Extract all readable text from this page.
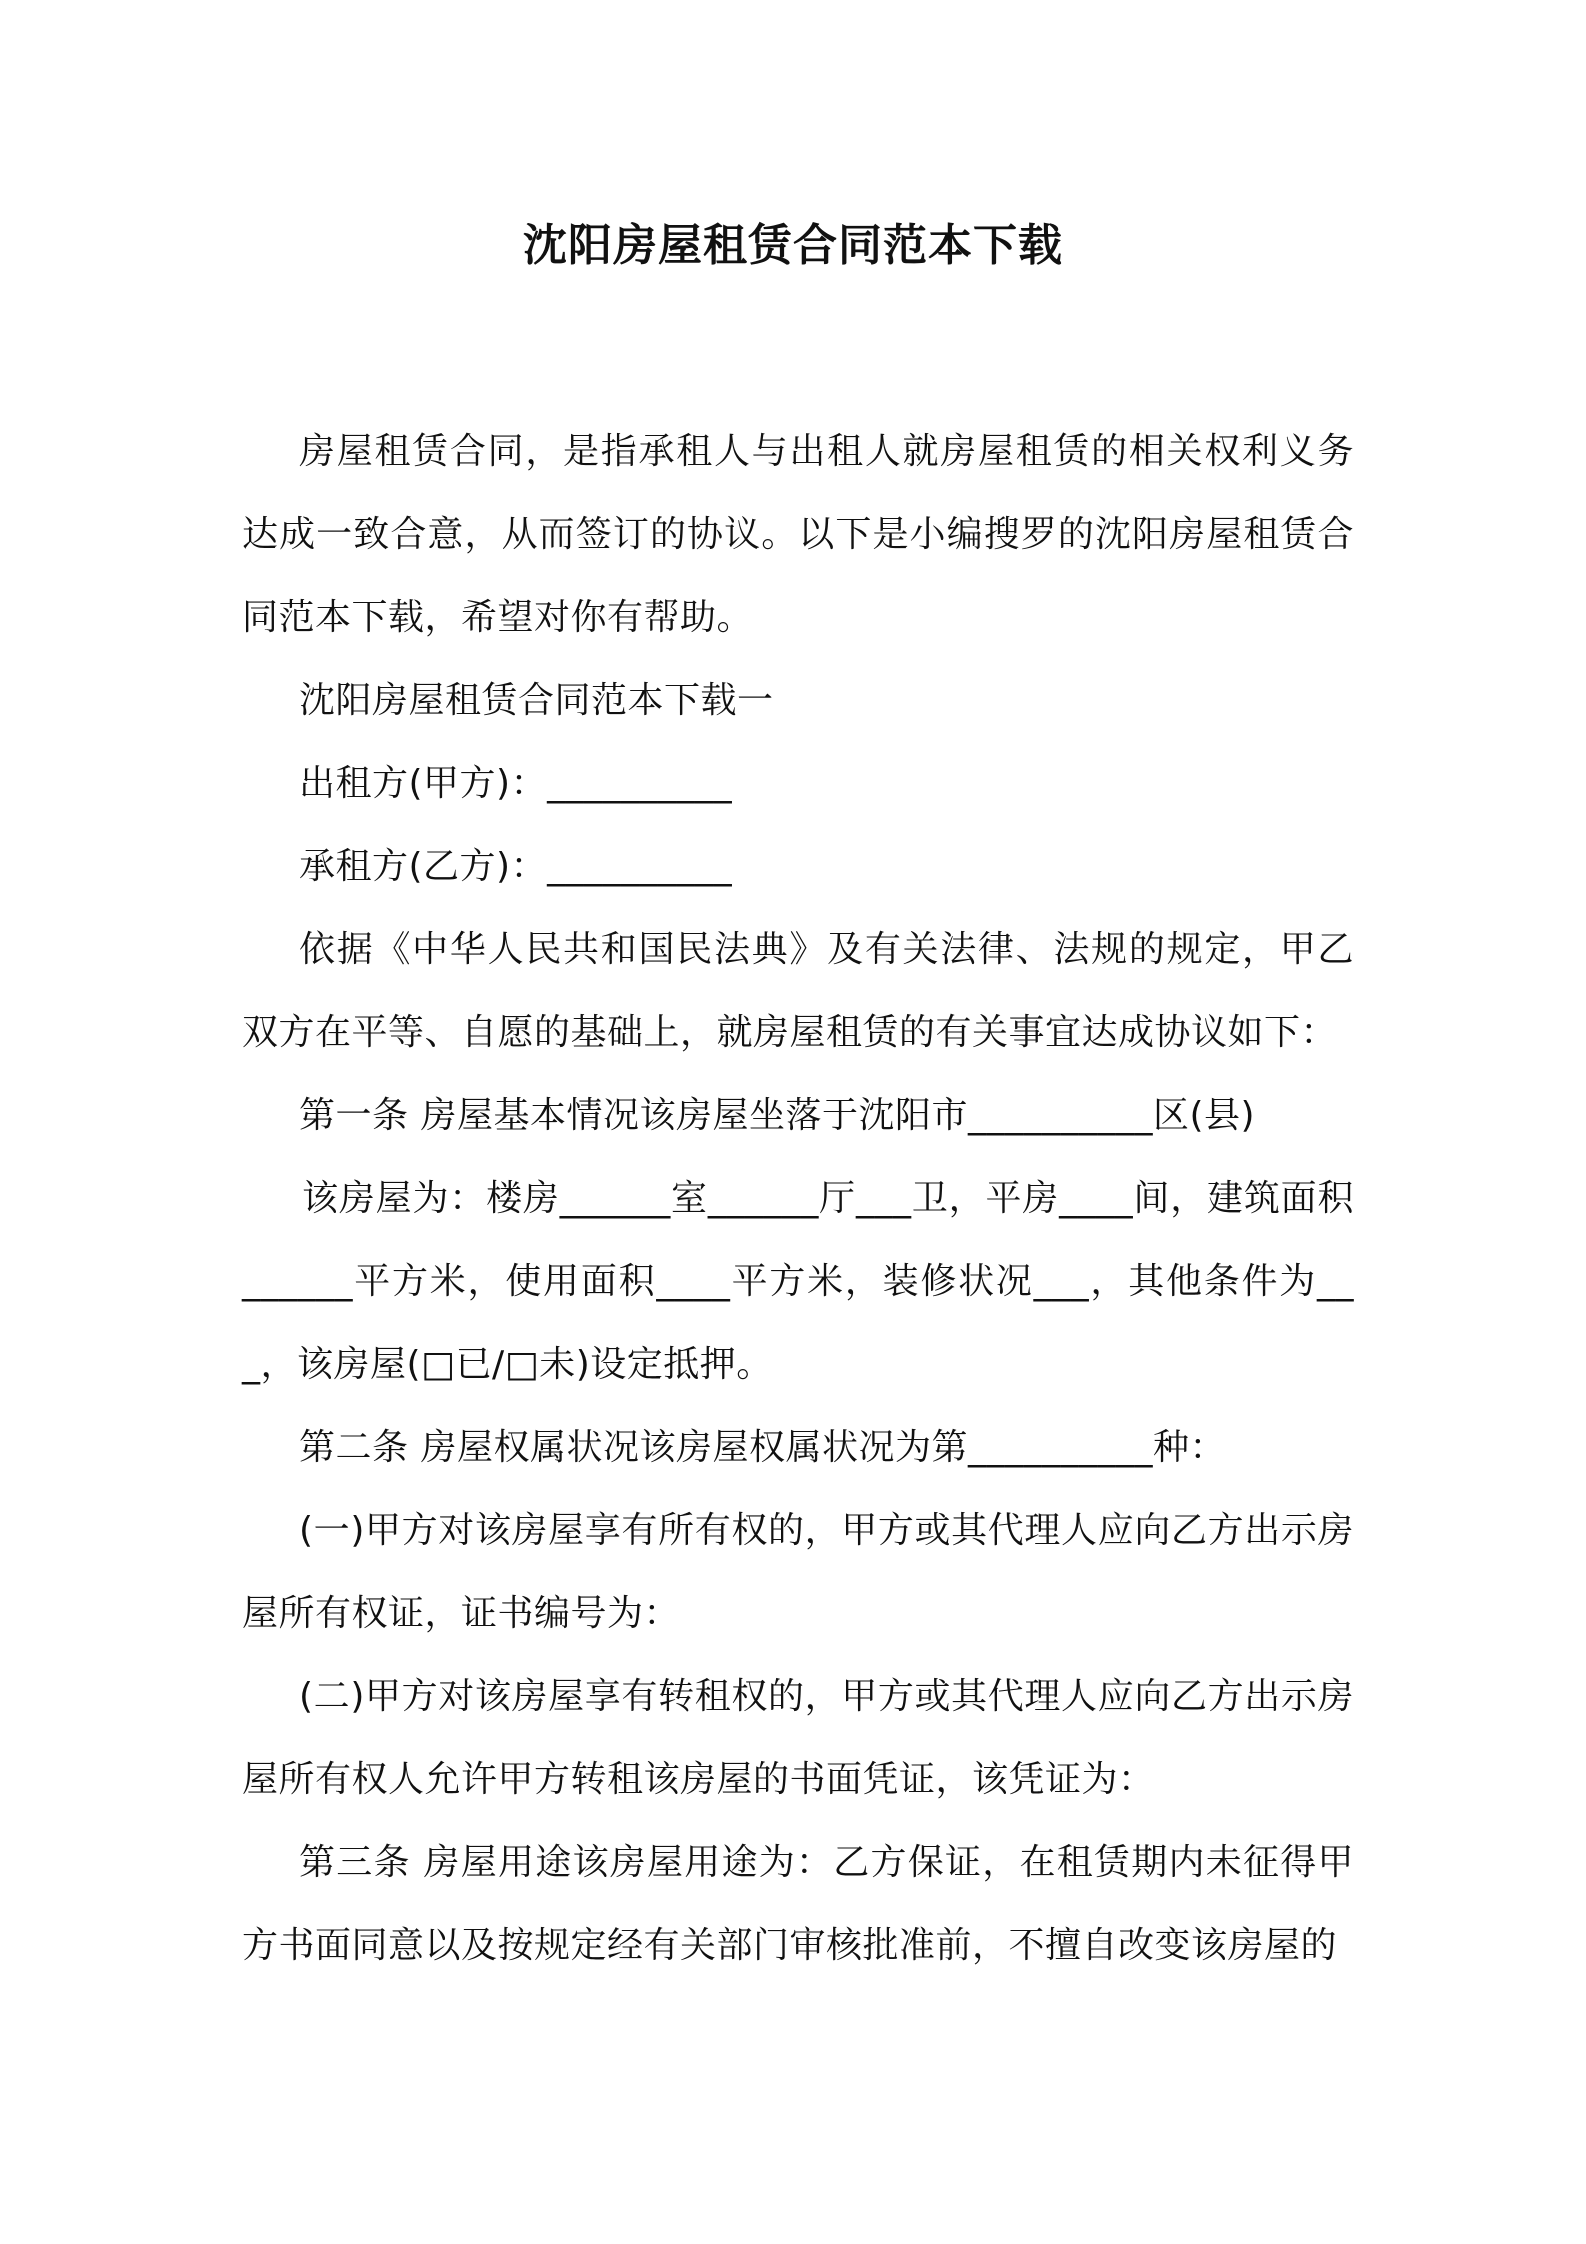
沈阳房屋租赁合同范本下载

房屋租赁合同，是指承租人与出租人就房屋租赁的相关权利义务达成一致合意，从而签订的协议。以下是小编搜罗的沈阳房屋租赁合同范本下载，希望对你有帮助。

沈阳房屋租赁合同范本下载一

出租方(甲方)：__________

承租方(乙方)：__________

依据《中华人民共和国民法典》及有关法律、法规的规定，甲乙双方在平等、自愿的基础上，就房屋租赁的有关事宜达成协议如下：

第一条 房屋基本情况该房屋坐落于沈阳市__________区(县)

该房屋为：楼房______室______厅___卫，平房____间，建筑面积______平方米，使用面积____平方米，装修状况___，其他条件为___，该房屋(□已/□未)设定抵押。

第二条 房屋权属状况该房屋权属状况为第__________种：

(一)甲方对该房屋享有所有权的，甲方或其代理人应向乙方出示房屋所有权证，证书编号为：

(二)甲方对该房屋享有转租权的，甲方或其代理人应向乙方出示房屋所有权人允许甲方转租该房屋的书面凭证，该凭证为：

第三条 房屋用途该房屋用途为：乙方保证，在租赁期内未征得甲方书面同意以及按规定经有关部门审核批准前，不擅自改变该房屋的
